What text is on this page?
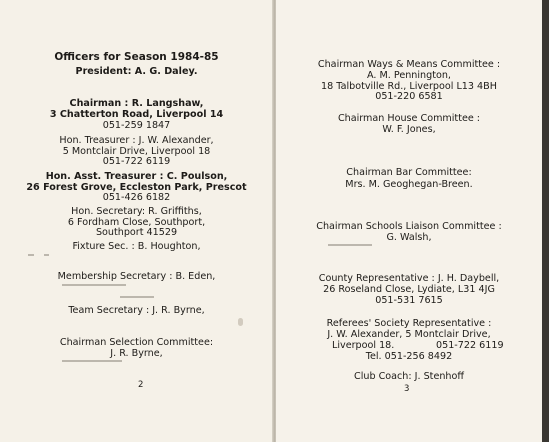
Officers for Season 1984-85
President: A. G. Daley.
Chairman : R. Langshaw,
3 Chatterton Road, Liverpool 14
051-259 1847
Hon. Treasurer : J. W. Alexander,
5 Montclair Drive, Liverpool 18
051-722 6119
Hon. Asst. Treasurer : C. Poulson,
26 Forest Grove, Eccleston Park, Prescot
051-426 6182
Hon. Secretary: R. Griffiths,
6 Fordham Close, Southport,
Southport 41529
Fixture Sec. : B. Houghton,
Membership Secretary : B. Eden,
Team Secretary : J. R. Byrne,
Chairman Selection Committee:
J. R. Byrne,
2
Chairman Ways & Means Committee :
A. M. Pennington,
18 Talbotville Rd., Liverpool L13 4BH
051-220 6581
Chairman House Committee :
W. F. Jones,
Chairman Bar Committee:
Mrs. M. Geoghegan-Breen.
Chairman Schools Liaison Committee :
G. Walsh,
County Representative : J. H. Daybell,
26 Roseland Close, Lydiate, L31 4JG
051-531 7615
Referees' Society Representative :
J. W. Alexander, 5 Montclair Drive,
Liverpool 18.	051-722 6119
Tel. 051-256 8492
Club Coach: J. Stenhoff
3
